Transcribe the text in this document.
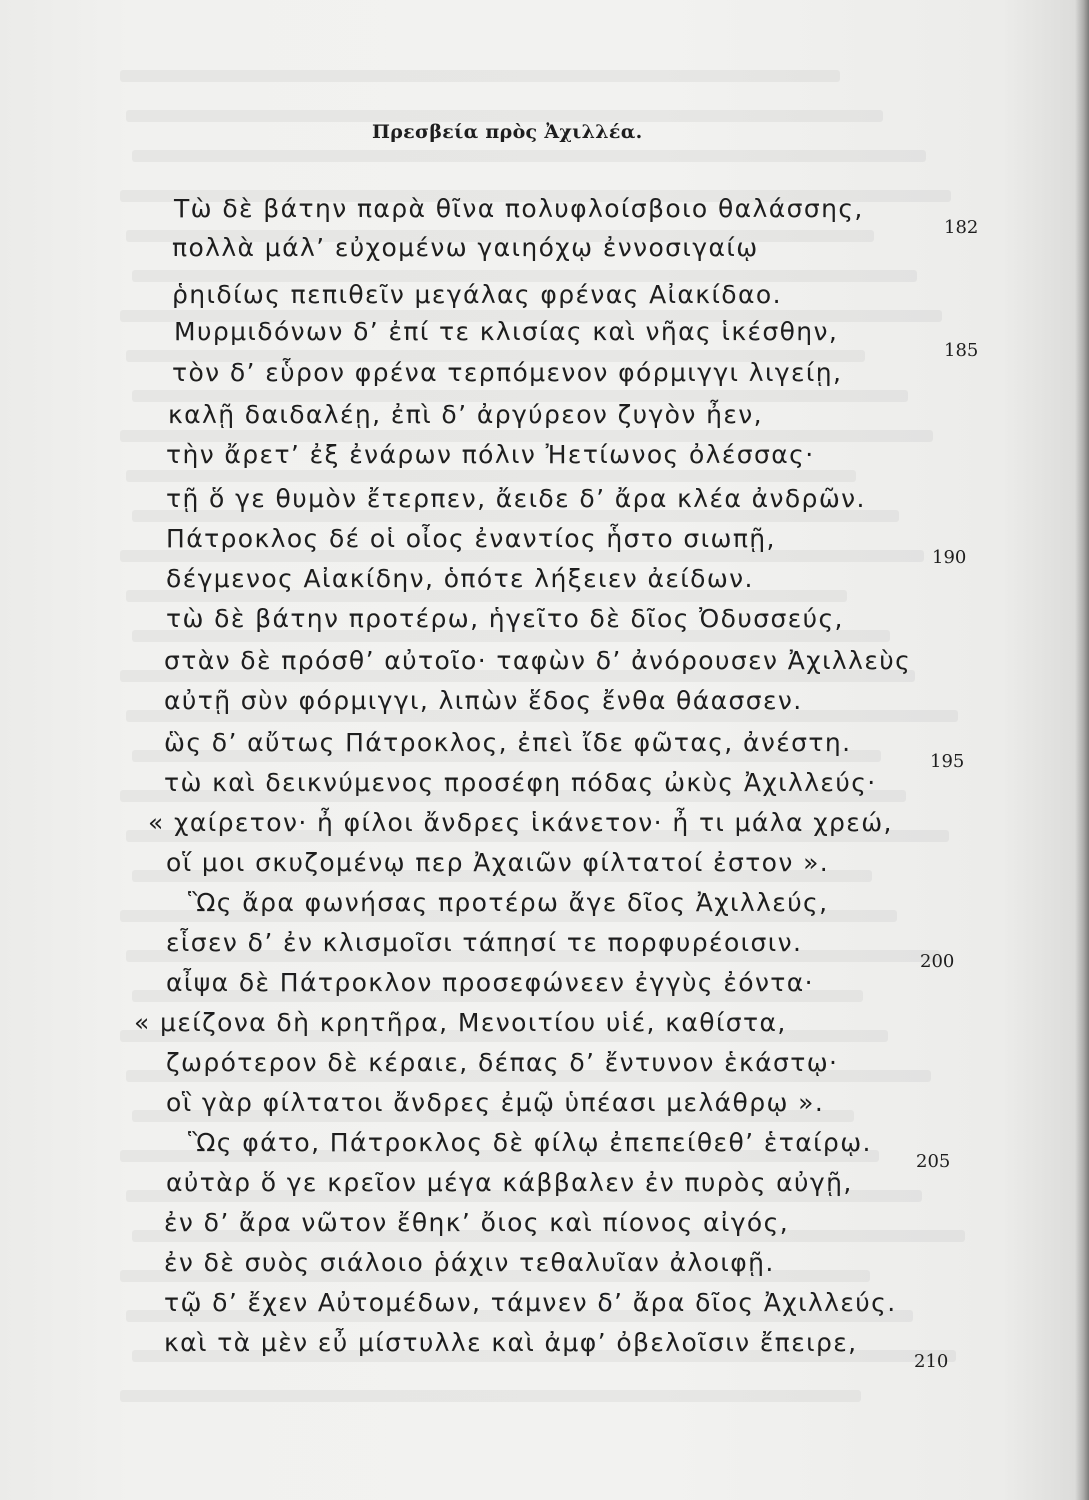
Πρεσβεία πρὸς Ἀχιλλέα.
Τὼ δὲ βάτην παρὰ θῖνα πολυφλοίσβοιο θαλάσσης,
182
πολλὰ μάλ’ εὐχομένω γαιηόχῳ ἐννοσιγαίῳ
ῥηιδίως πεπιθεῖν μεγάλας φρένας Αἰακίδαο.
Μυρμιδόνων δ’ ἐπί τε κλισίας καὶ νῆας ἱκέσθην,
185
τὸν δ’ εὗρον φρένα τερπόμενον φόρμιγγι λιγείῃ,
καλῇ δαιδαλέῃ, ἐπὶ δ’ ἀργύρεον ζυγὸν ἦεν,
τὴν ἄρετ’ ἐξ ἐνάρων πόλιν Ἠετίωνος ὀλέσσας·
τῇ ὅ γε θυμὸν ἔτερπεν, ἄειδε δ’ ἄρα κλέα ἀνδρῶν.
Πάτροκλος δέ οἱ οἶος ἐναντίος ἧστο σιωπῇ,
190
δέγμενος Αἰακίδην, ὁπότε λήξειεν ἀείδων.
τὼ δὲ βάτην προτέρω, ἡγεῖτο δὲ δῖος Ὀδυσσεύς,
στὰν δὲ πρόσθ’ αὐτοῖο· ταφὼν δ’ ἀνόρουσεν Ἀχιλλεὺς
αὐτῇ σὺν φόρμιγγι, λιπὼν ἕδος ἔνθα θάασσεν.
ὣς δ’ αὔτως Πάτροκλος, ἐπεὶ ἴδε φῶτας, ἀνέστη.
195
τὼ καὶ δεικνύμενος προσέφη πόδας ὠκὺς Ἀχιλλεύς·
« χαίρετον· ἦ φίλοι ἄνδρες ἱκάνετον· ἦ τι μάλα χρεώ,
οἵ μοι σκυζομένῳ περ Ἀχαιῶν φίλτατοί ἐστον ».
Ὣς ἄρα φωνήσας προτέρω ἄγε δῖος Ἀχιλλεύς,
εἷσεν δ’ ἐν κλισμοῖσι τάπησί τε πορφυρέοισιν.
200
αἶψα δὲ Πάτροκλον προσεφώνεεν ἐγγὺς ἐόντα·
« μείζονα δὴ κρητῆρα, Μενοιτίου υἱέ, καθίστα,
ζωρότερον δὲ κέραιε, δέπας δ’ ἔντυνον ἑκάστῳ·
οἳ γὰρ φίλτατοι ἄνδρες ἐμῷ ὑπέασι μελάθρῳ ».
Ὣς φάτο, Πάτροκλος δὲ φίλῳ ἐπεπείθεθ’ ἑταίρῳ.
205
αὐτὰρ ὅ γε κρεῖον μέγα κάββαλεν ἐν πυρὸς αὐγῇ,
ἐν δ’ ἄρα νῶτον ἔθηκ’ ὄιος καὶ πίονος αἰγός,
ἐν δὲ συὸς σιάλοιο ῥάχιν τεθαλυῖαν ἀλοιφῇ.
τῷ δ’ ἔχεν Αὐτομέδων, τάμνεν δ’ ἄρα δῖος Ἀχιλλεύς.
καὶ τὰ μὲν εὖ μίστυλλε καὶ ἀμφ’ ὀβελοῖσιν ἔπειρε,
210
